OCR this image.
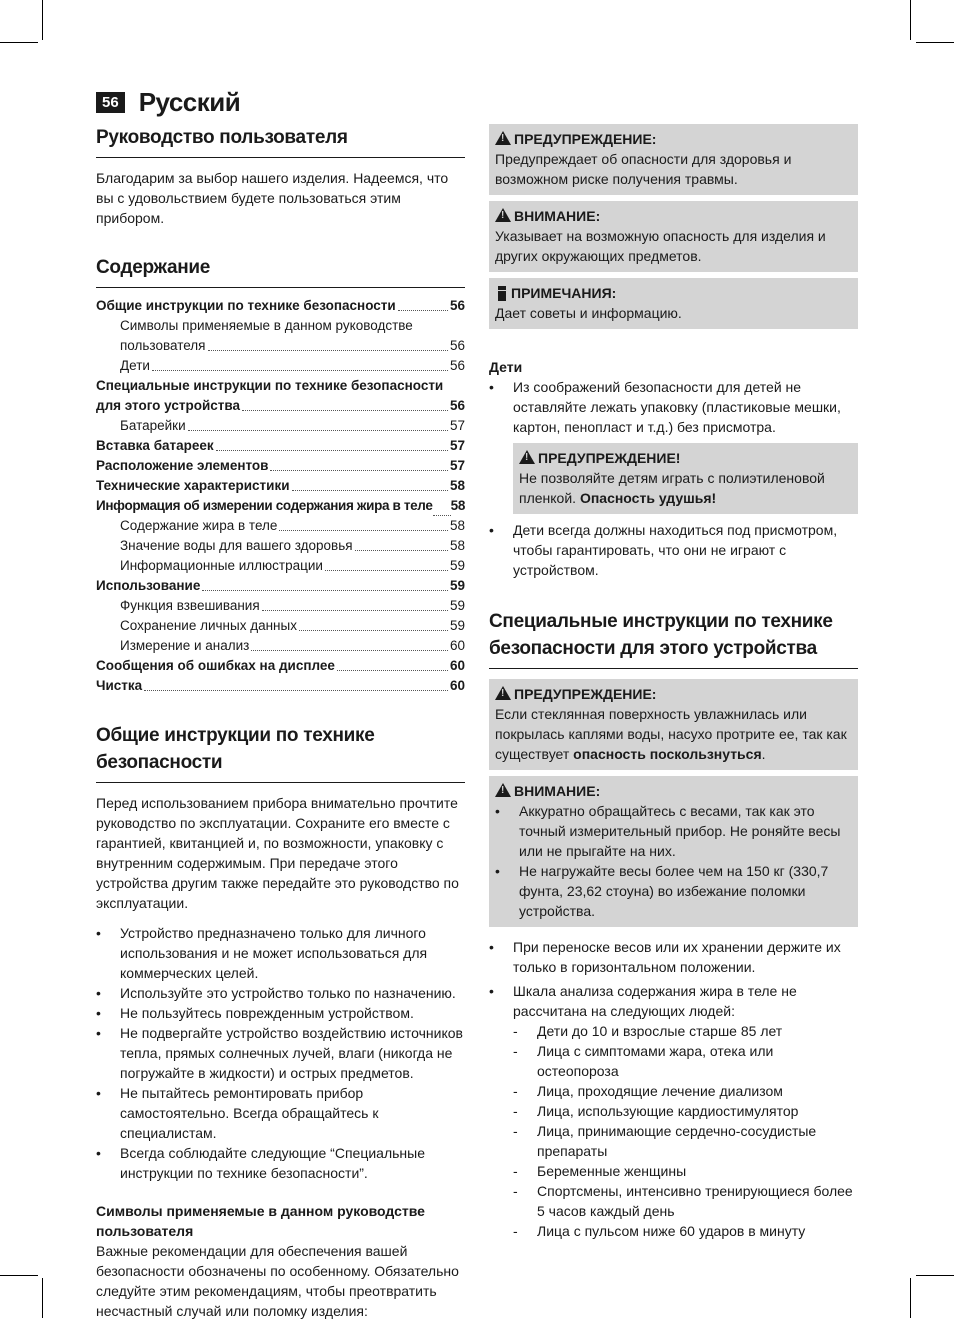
56 Русский
Руководство пользователя

Благодарим за выбор нашего изделия. Надеемся, что вы с удовольствием будете пользоваться этим прибором.

Содержание
Общие инструкции по технике безопасности	56
Символы применяемые в данном руководстве
пользователя	56
Дети	56
Специальные инструкции по технике безопасности
для этого устройства	56
Батарейки	57
Вставка батареек	57
Расположение элементов	57
Технические характеристики	58
Информация об измерении содержания жира в теле 58
Содержание жира в теле	58
Значение воды для вашего здоровья	58
Информационные иллюстрации	59
Использование	59
Функция взвешивания	59
Сохранение личных данных	59
Измерение и анализ	60
Сообщения об ошибках на дисплее	60
Чистка	60
Общие инструкции по технике безопасности

Перед использованием прибора внимательно прочтите руководство по эксплуатации. Сохраните его вместе с гарантией, квитанцией и, по возможности, упаковку с внутренним содержимым. При передаче этого устройства другим также передайте это руководство по эксплуатации.

• Устройство предназначено только для личного использования и не может использоваться для коммерческих целей.
• Используйте это устройство только по назначению.
• Не пользуйтесь поврежденным устройством.
• Не подвергайте устройство воздействию источников тепла, прямых солнечных лучей, влаги (никогда не погружайте в жидкости) и острых предметов.
• Не пытайтесь ремонтировать прибор самостоятельно. Всегда обращайтесь к специалистам.
• Всегда соблюдайте следующие “Специальные инструкции по технике безопасности”.
Символы применяемые в данном руководстве пользователя

Важные рекомендации для обеспечения вашей безопасности обозначены по особенному. Обязательно следуйте этим рекомендациям, чтобы преотвратить несчастный случай или поломку изделия:

!
ПРЕДУПРЕЖДЕНИЕ:
Предупреждает об опасности для здоровья и возможном риске получения травмы.
!
ВНИМАНИЕ:
Указывает на возможную опасность для изделия и других окружающих предметов.
ПРИМЕЧАНИЯ:
Дает советы и информацию.
Дети
• Из соображений безопасности для детей не оставляйте лежать упаковку (пластиковые мешки, картон, пенопласт и т.д.) без присмотра.
!
ПРЕДУПРЕЖДЕНИЕ!
Не позволяйте детям играть с полиэтиленовой пленкой. Опасность удушья!
• Дети всегда должны находиться под присмотром, чтобы гарантировать, что они не играют с устройством.
Специальные инструкции по технике безопасности для этого устройства
!
ПРЕДУПРЕЖДЕНИЕ:
Если стеклянная поверхность увлажнилась или покрылась каплями воды, насухо протрите ее, так как существует опасность поскользнуться.
!
ВНИМАНИЕ:
• Аккуратно обращайтесь с весами, так как это точный измерительный прибор. Не роняйте весы или не прыгайте на них.
• Не нагружайте весы более чем на 150 кг (330,7 фунта, 23,62 стоуна) во избежание поломки устройства.
• При переноске весов или их хранении держите их только в горизонтальном положении.
• Шкала анализа содержания жира в теле не рассчитана на следующих людей:
- Дети до 10 и взрослые старше 85 лет
- Лица с симптомами жара, отека или остеопороза
- Лица, проходящие лечение диализом
- Лица, использующие кардиостимулятор
- Лица, принимающие сердечно-сосудистые препараты
- Беременные женщины
- Спортсмены, интенсивно тренирующиеся более 5 часов каждый день
- Лица с пульсом ниже 60 ударов в минуту
